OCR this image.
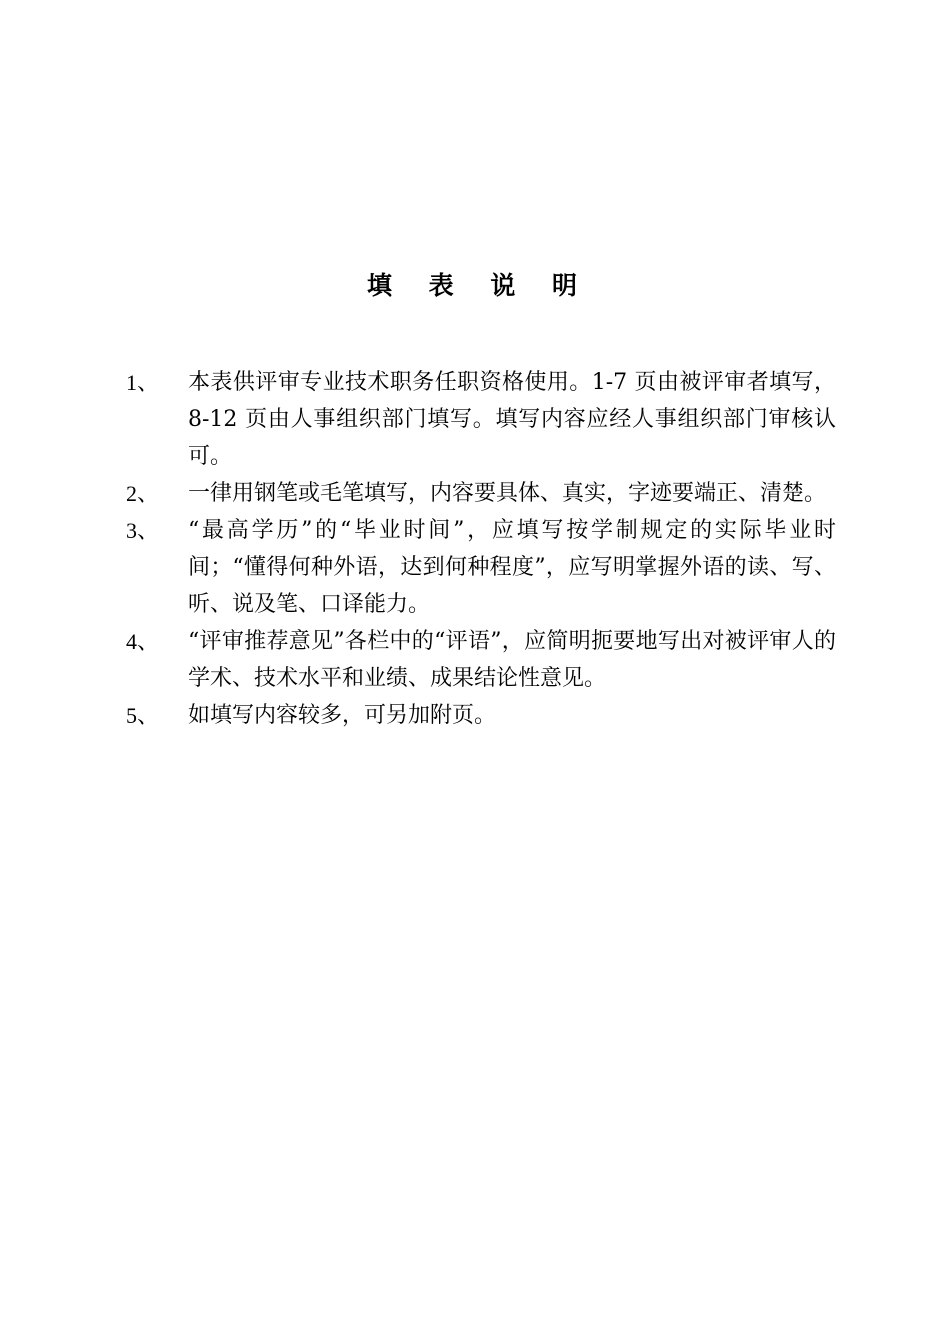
填 表 说 明
1、	本表供评审专业技术职务任职资格使用。1-7 页由被评审者填写，8-12 页由人事组织部门填写。填写内容应经人事组织部门审核认可。
2、	一律用钢笔或毛笔填写，内容要具体、真实，字迹要端正、清楚。
3、	“最高学历”的“毕业时间”，应填写按学制规定的实际毕业时间；“懂得何种外语，达到何种程度”，应写明掌握外语的读、写、听、说及笔、口译能力。
4、	“评审推荐意见”各栏中的“评语”，应简明扼要地写出对被评审人的学术、技术水平和业绩、成果结论性意见。
5、	如填写内容较多，可另加附页。
